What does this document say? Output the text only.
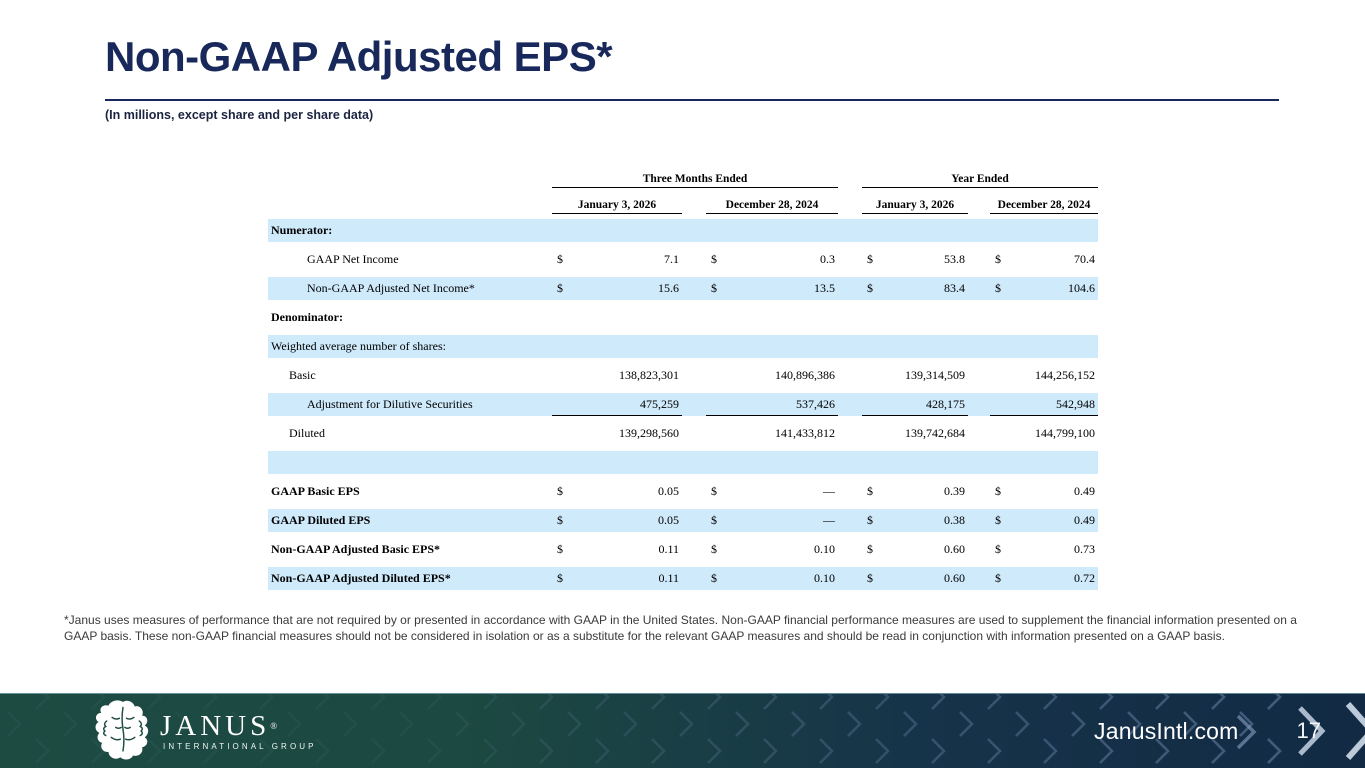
Non-GAAP Adjusted EPS*
(In millions, except share and per share data)
Three Months Ended	Year Ended
January 3, 2026	December 28, 2024	January 3, 2026	December 28, 2024
Numerator:
GAAP Net Income	$	7.1	$	0.3	$	53.8	$	70.4
Non-GAAP Adjusted Net Income*	$	15.6	$	13.5	$	83.4	$	104.6
Denominator:
Weighted average number of shares:
Basic	138,823,301	140,896,386	139,314,509	144,256,152
Adjustment for Dilutive Securities	475,259	537,426	428,175	542,948
Diluted	139,298,560	141,433,812	139,742,684	144,799,100
GAAP Basic EPS	$	0.05	$	—	$	0.39	$	0.49
GAAP Diluted EPS	$	0.05	$	—	$	0.38	$	0.49
Non-GAAP Adjusted Basic EPS*	$	0.11	$	0.10	$	0.60	$	0.73
Non-GAAP Adjusted Diluted EPS*	$	0.11	$	0.10	$	0.60	$	0.72

*Janus uses measures of performance that are not required by or presented in accordance with GAAP in the United States. Non-GAAP financial performance measures are used to supplement the financial information presented on a GAAP basis. These non-GAAP financial measures should not be considered in isolation or as a substitute for the relevant GAAP measures and should be read in conjunction with information presented on a GAAP basis.

JANUS®
INTERNATIONAL GROUP
JanusIntl.com	17
